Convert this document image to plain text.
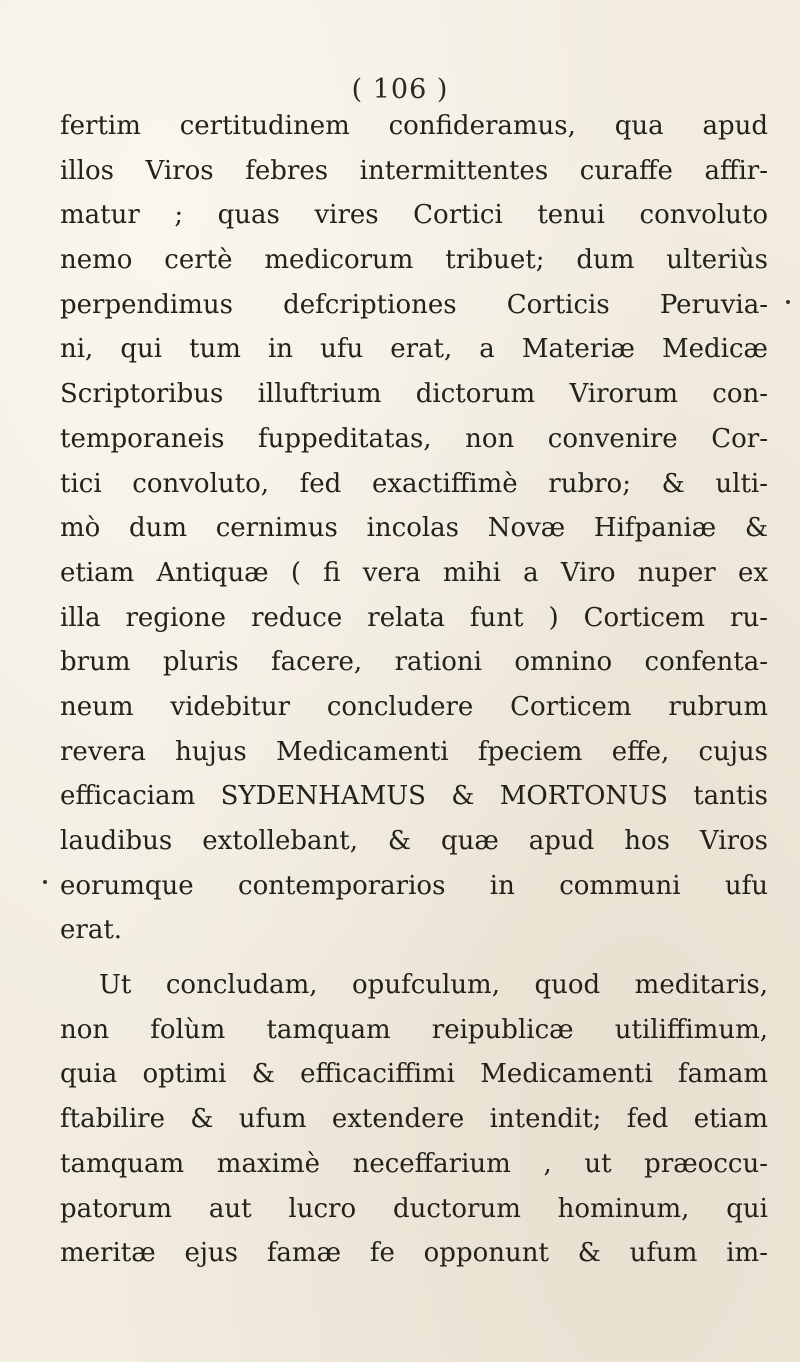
( 106 )
fertim certitudinem confideramus, qua apud
illos Viros febres intermittentes curaffe affir-
matur ; quas vires Cortici tenui convoluto
nemo certè medicorum tribuet; dum ulteriùs
perpendimus defcriptiones Corticis Peruvia-
ni, qui tum in ufu erat, a Materiæ Medicæ
Scriptoribus illuftrium dictorum Virorum con-
temporaneis fuppeditatas, non convenire Cor-
tici convoluto, fed exactiffimè rubro; & ulti-
mò dum cernimus incolas Novæ Hifpaniæ &
etiam Antiquæ ( fi vera mihi a Viro nuper ex
illa regione reduce relata funt ) Corticem ru-
brum pluris facere, rationi omnino confenta-
neum videbitur concludere Corticem rubrum
revera hujus Medicamenti fpeciem effe, cujus
efficaciam SYDENHAMUS & MORTONUS tantis
laudibus extollebant, & quæ apud hos Viros
eorumque contemporarios in communi ufu
erat.
Ut concludam, opufculum, quod meditaris,
non folùm tamquam reipublicæ utiliffimum,
quia optimi & efficaciffimi Medicamenti famam
ftabilire & ufum extendere intendit; fed etiam
tamquam maximè neceffarium , ut præoccu-
patorum aut lucro ductorum hominum, qui
meritæ ejus famæ fe opponunt & ufum im-
